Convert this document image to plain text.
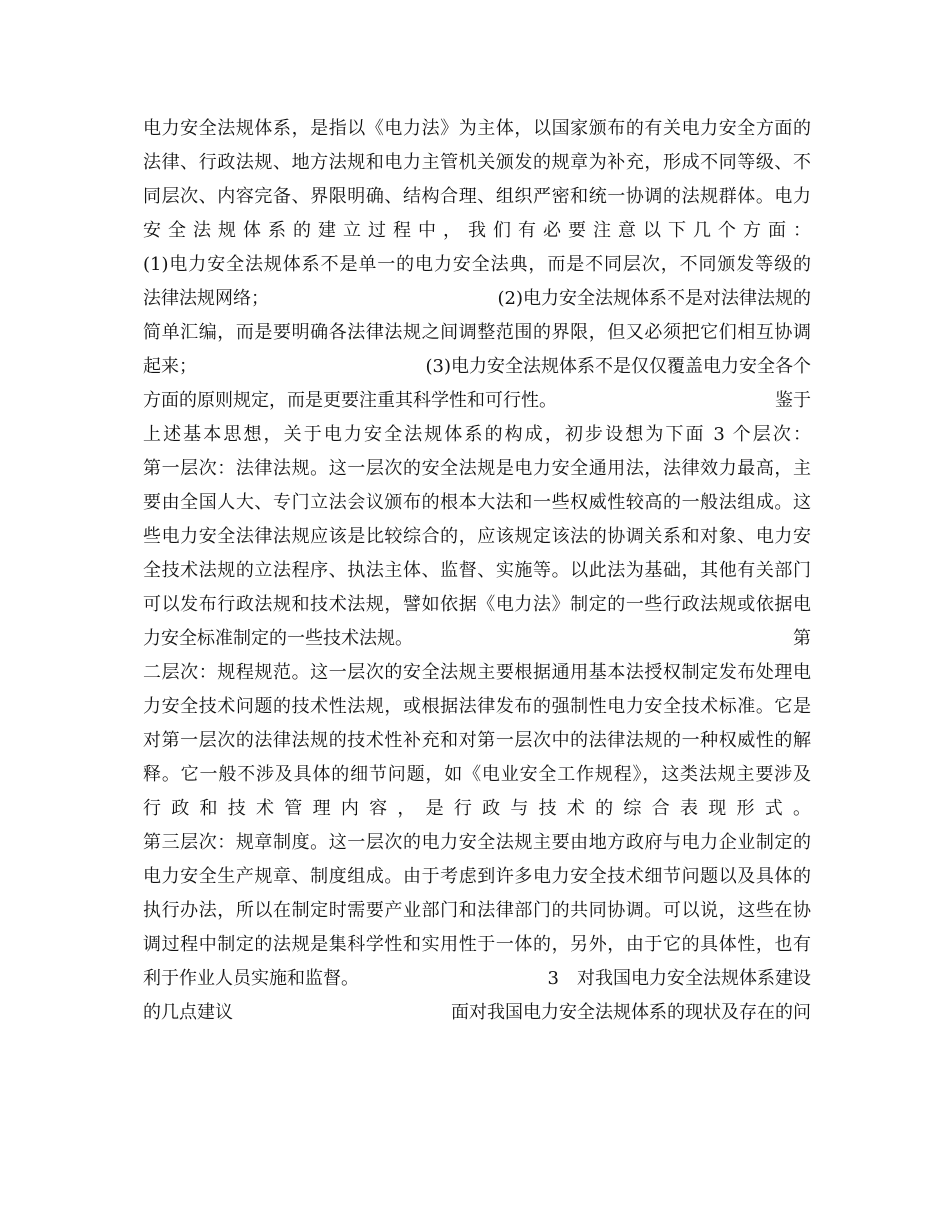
电力安全法规体系，是指以《电力法》为主体，以国家颁布的有关电力安全方面的
法律、行政法规、地方法规和电力主管机关颁发的规章为补充，形成不同等级、不
同层次、内容完备、界限明确、结构合理、组织严密和统一协调的法规群体。电力
安全法规体系的建立过程中，我们有必要注意以下几个方面：
(1)电力安全法规体系不是单一的电力安全法典，而是不同层次，不同颁发等级的
法律法规网络；	(2)电力安全法规体系不是对法律法规的
简单汇编，而是要明确各法律法规之间调整范围的界限，但又必须把它们相互协调
起来；	(3)电力安全法规体系不是仅仅覆盖电力安全各个
方面的原则规定，而是更要注重其科学性和可行性。	鉴于
上述基本思想，关于电力安全法规体系的构成，初步设想为下面 3 个层次：
第一层次：法律法规。这一层次的安全法规是电力安全通用法，法律效力最高，主
要由全国人大、专门立法会议颁布的根本大法和一些权威性较高的一般法组成。这
些电力安全法律法规应该是比较综合的，应该规定该法的协调关系和对象、电力安
全技术法规的立法程序、执法主体、监督、实施等。以此法为基础，其他有关部门
可以发布行政法规和技术法规，譬如依据《电力法》制定的一些行政法规或依据电
力安全标准制定的一些技术法规。	第
二层次：规程规范。这一层次的安全法规主要根据通用基本法授权制定发布处理电
力安全技术问题的技术性法规，或根据法律发布的强制性电力安全技术标准。它是
对第一层次的法律法规的技术性补充和对第一层次中的法律法规的一种权威性的解
释。它一般不涉及具体的细节问题，如《电业安全工作规程》，这类法规主要涉及
行政和技术管理内容，是行政与技术的综合表现形式。
第三层次：规章制度。这一层次的电力安全法规主要由地方政府与电力企业制定的
电力安全生产规章、制度组成。由于考虑到许多电力安全技术细节问题以及具体的
执行办法，所以在制定时需要产业部门和法律部门的共同协调。可以说，这些在协
调过程中制定的法规是集科学性和实用性于一体的，另外，由于它的具体性，也有
利于作业人员实施和监督。	3　对我国电力安全法规体系建设
的几点建议	面对我国电力安全法规体系的现状及存在的问
